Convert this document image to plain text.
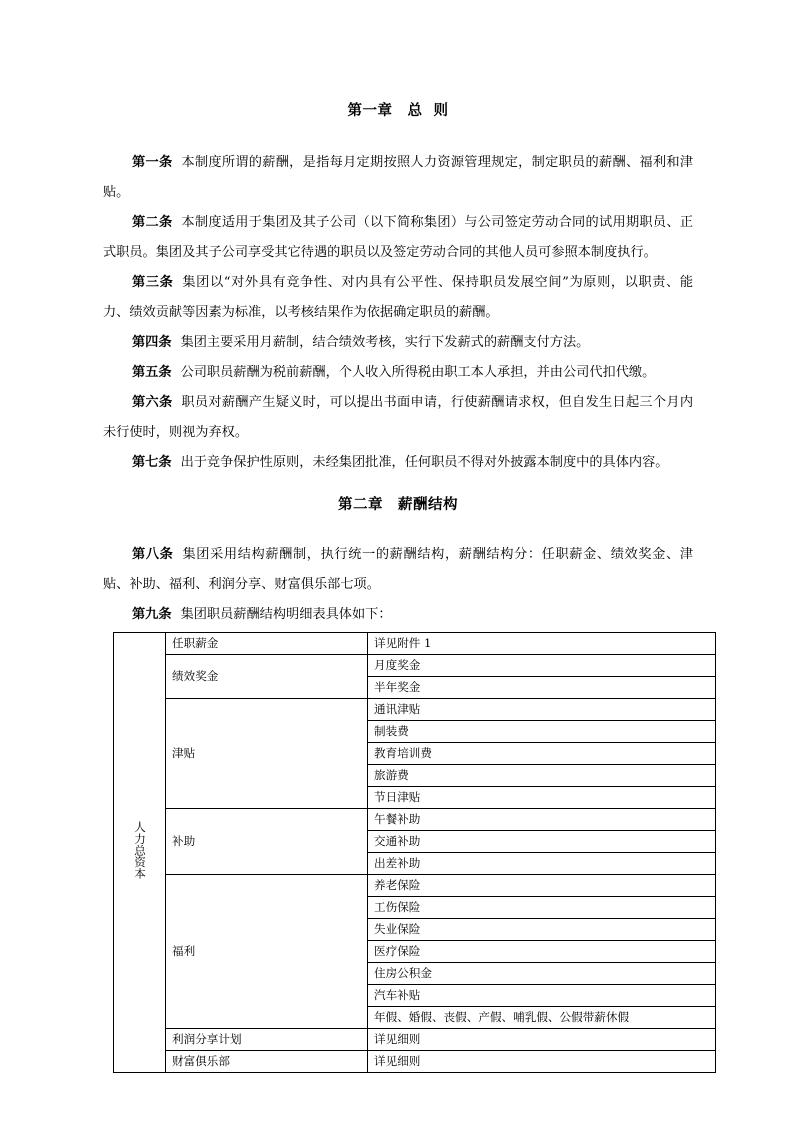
第一章 总 则

第一条 本制度所谓的薪酬，是指每月定期按照人力资源管理规定，制定职员的薪酬、福利和津贴。

第二条 本制度适用于集团及其子公司（以下简称集团）与公司签定劳动合同的试用期职员、正式职员。集团及其子公司享受其它待遇的职员以及签定劳动合同的其他人员可参照本制度执行。

第三条 集团以“对外具有竞争性、对内具有公平性、保持职员发展空间”为原则，以职责、能力、绩效贡献等因素为标准，以考核结果作为依据确定职员的薪酬。

第四条 集团主要采用月薪制，结合绩效考核，实行下发薪式的薪酬支付方法。

第五条 公司职员薪酬为税前薪酬，个人收入所得税由职工本人承担，并由公司代扣代缴。

第六条 职员对薪酬产生疑义时，可以提出书面申请，行使薪酬请求权，但自发生日起三个月内未行使时，则视为弃权。

第七条 出于竞争保护性原则，未经集团批准，任何职员不得对外披露本制度中的具体内容。

第二章 薪酬结构

第八条 集团采用结构薪酬制，执行统一的薪酬结构，薪酬结构分：任职薪金、绩效奖金、津贴、补助、福利、利润分享、财富俱乐部七项。

第九条 集团职员薪酬结构明细表具体如下：

人力总资本	任职薪金	详见附件 1
	绩效奖金	月度奖金
		半年奖金
	津贴	通讯津贴
		制装费
		教育培训费
		旅游费
		节日津贴
	补助	午餐补助
		交通补助
		出差补助
	福利	养老保险
		工伤保险
		失业保险
		医疗保险
		住房公积金
		汽车补贴
		年假、婚假、丧假、产假、哺乳假、公假带薪休假
	利润分享计划	详见细则
	财富俱乐部	详见细则
